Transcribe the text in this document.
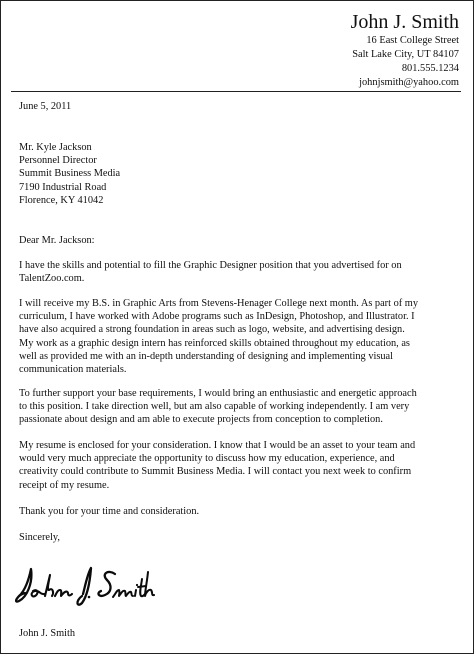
John J. Smith
16 East College Street
Salt Lake City, UT 84107
801.555.1234
johnjsmith@yahoo.com
June 5, 2011
Mr. Kyle Jackson
Personnel Director
Summit Business Media
7190 Industrial Road
Florence, KY 41042
Dear Mr. Jackson:
I have the skills and potential to fill the Graphic Designer position that you advertised for on
TalentZoo.com.
I will receive my B.S. in Graphic Arts from Stevens-Henager College next month. As part of my
curriculum, I have worked with Adobe programs such as InDesign, Photoshop, and Illustrator. I
have also acquired a strong foundation in areas such as logo, website, and advertising design.
My work as a graphic design intern has reinforced skills obtained throughout my education, as
well as provided me with an in-depth understanding of designing and implementing visual
communication materials.
To further support your base requirements, I would bring an enthusiastic and energetic approach
to this position. I take direction well, but am also capable of working independently. I am very
passionate about design and am able to execute projects from conception to completion.
My resume is enclosed for your consideration. I know that I would be an asset to your team and
would very much appreciate the opportunity to discuss how my education, experience, and
creativity could contribute to Summit Business Media. I will contact you next week to confirm
receipt of my resume.
Thank you for your time and consideration.
Sincerely,
John J. Smith
